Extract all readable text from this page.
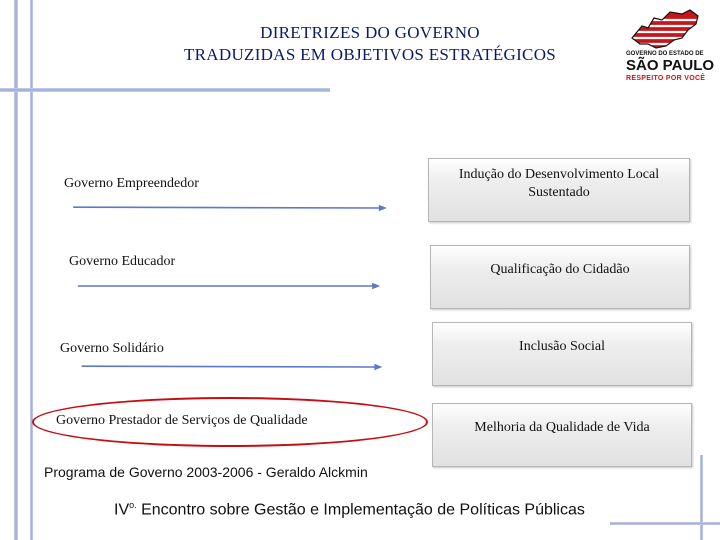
DIRETRIZES DO GOVERNO
TRADUZIDAS EM OBJETIVOS ESTRATÉGICOS	GOVERNO DO ESTADO DE
SÃO PAULO
RESPEITO POR VOCÊ
Governo Empreendedor
Indução do Desenvolvimento Local
Sustentado
Governo Educador
Qualificação do Cidadão
Governo Solidário	Inclusão Social
Governo Prestador de Serviços de Qualidade	Melhoria da Qualidade de Vida
Programa de Governo 2003-2006 - Geraldo Alckmin
$IV^{o.}$ Encontro sobre Gestão e Implementação de Políticas Públicas
